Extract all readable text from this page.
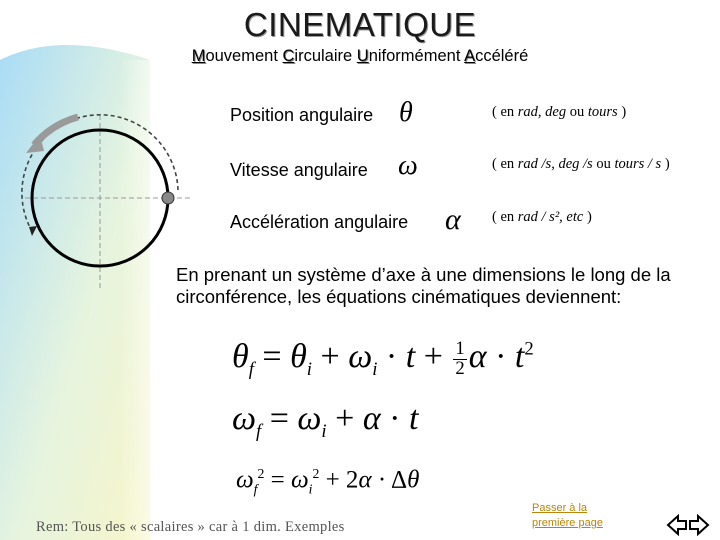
CINEMATIQUE
Mouvement Circulaire Uniformément Accéléré
Position angulaire θ	( en rad, deg ou tours )
Vitesse angulaire ω	( en rad /s, deg /s ou tours / s )
Accélération angulaire α ( en rad / s², etc )
En prenant un système d’axe à une dimensions le long de la circonférence, les équations cinématiques deviennent:
$\theta_f = \theta_i + \omega_i \cdot t + \frac{1}{2}$ $\alpha \cdot t^2$
$\omega_f = \omega_i + \alpha \cdot t$
$\omega_f^2 = \omega_i^2 + 2\alpha \cdot \Delta\theta$
Rem: Tous des « scalaires » car à 1 dim. Exemples
Passer à la première page
